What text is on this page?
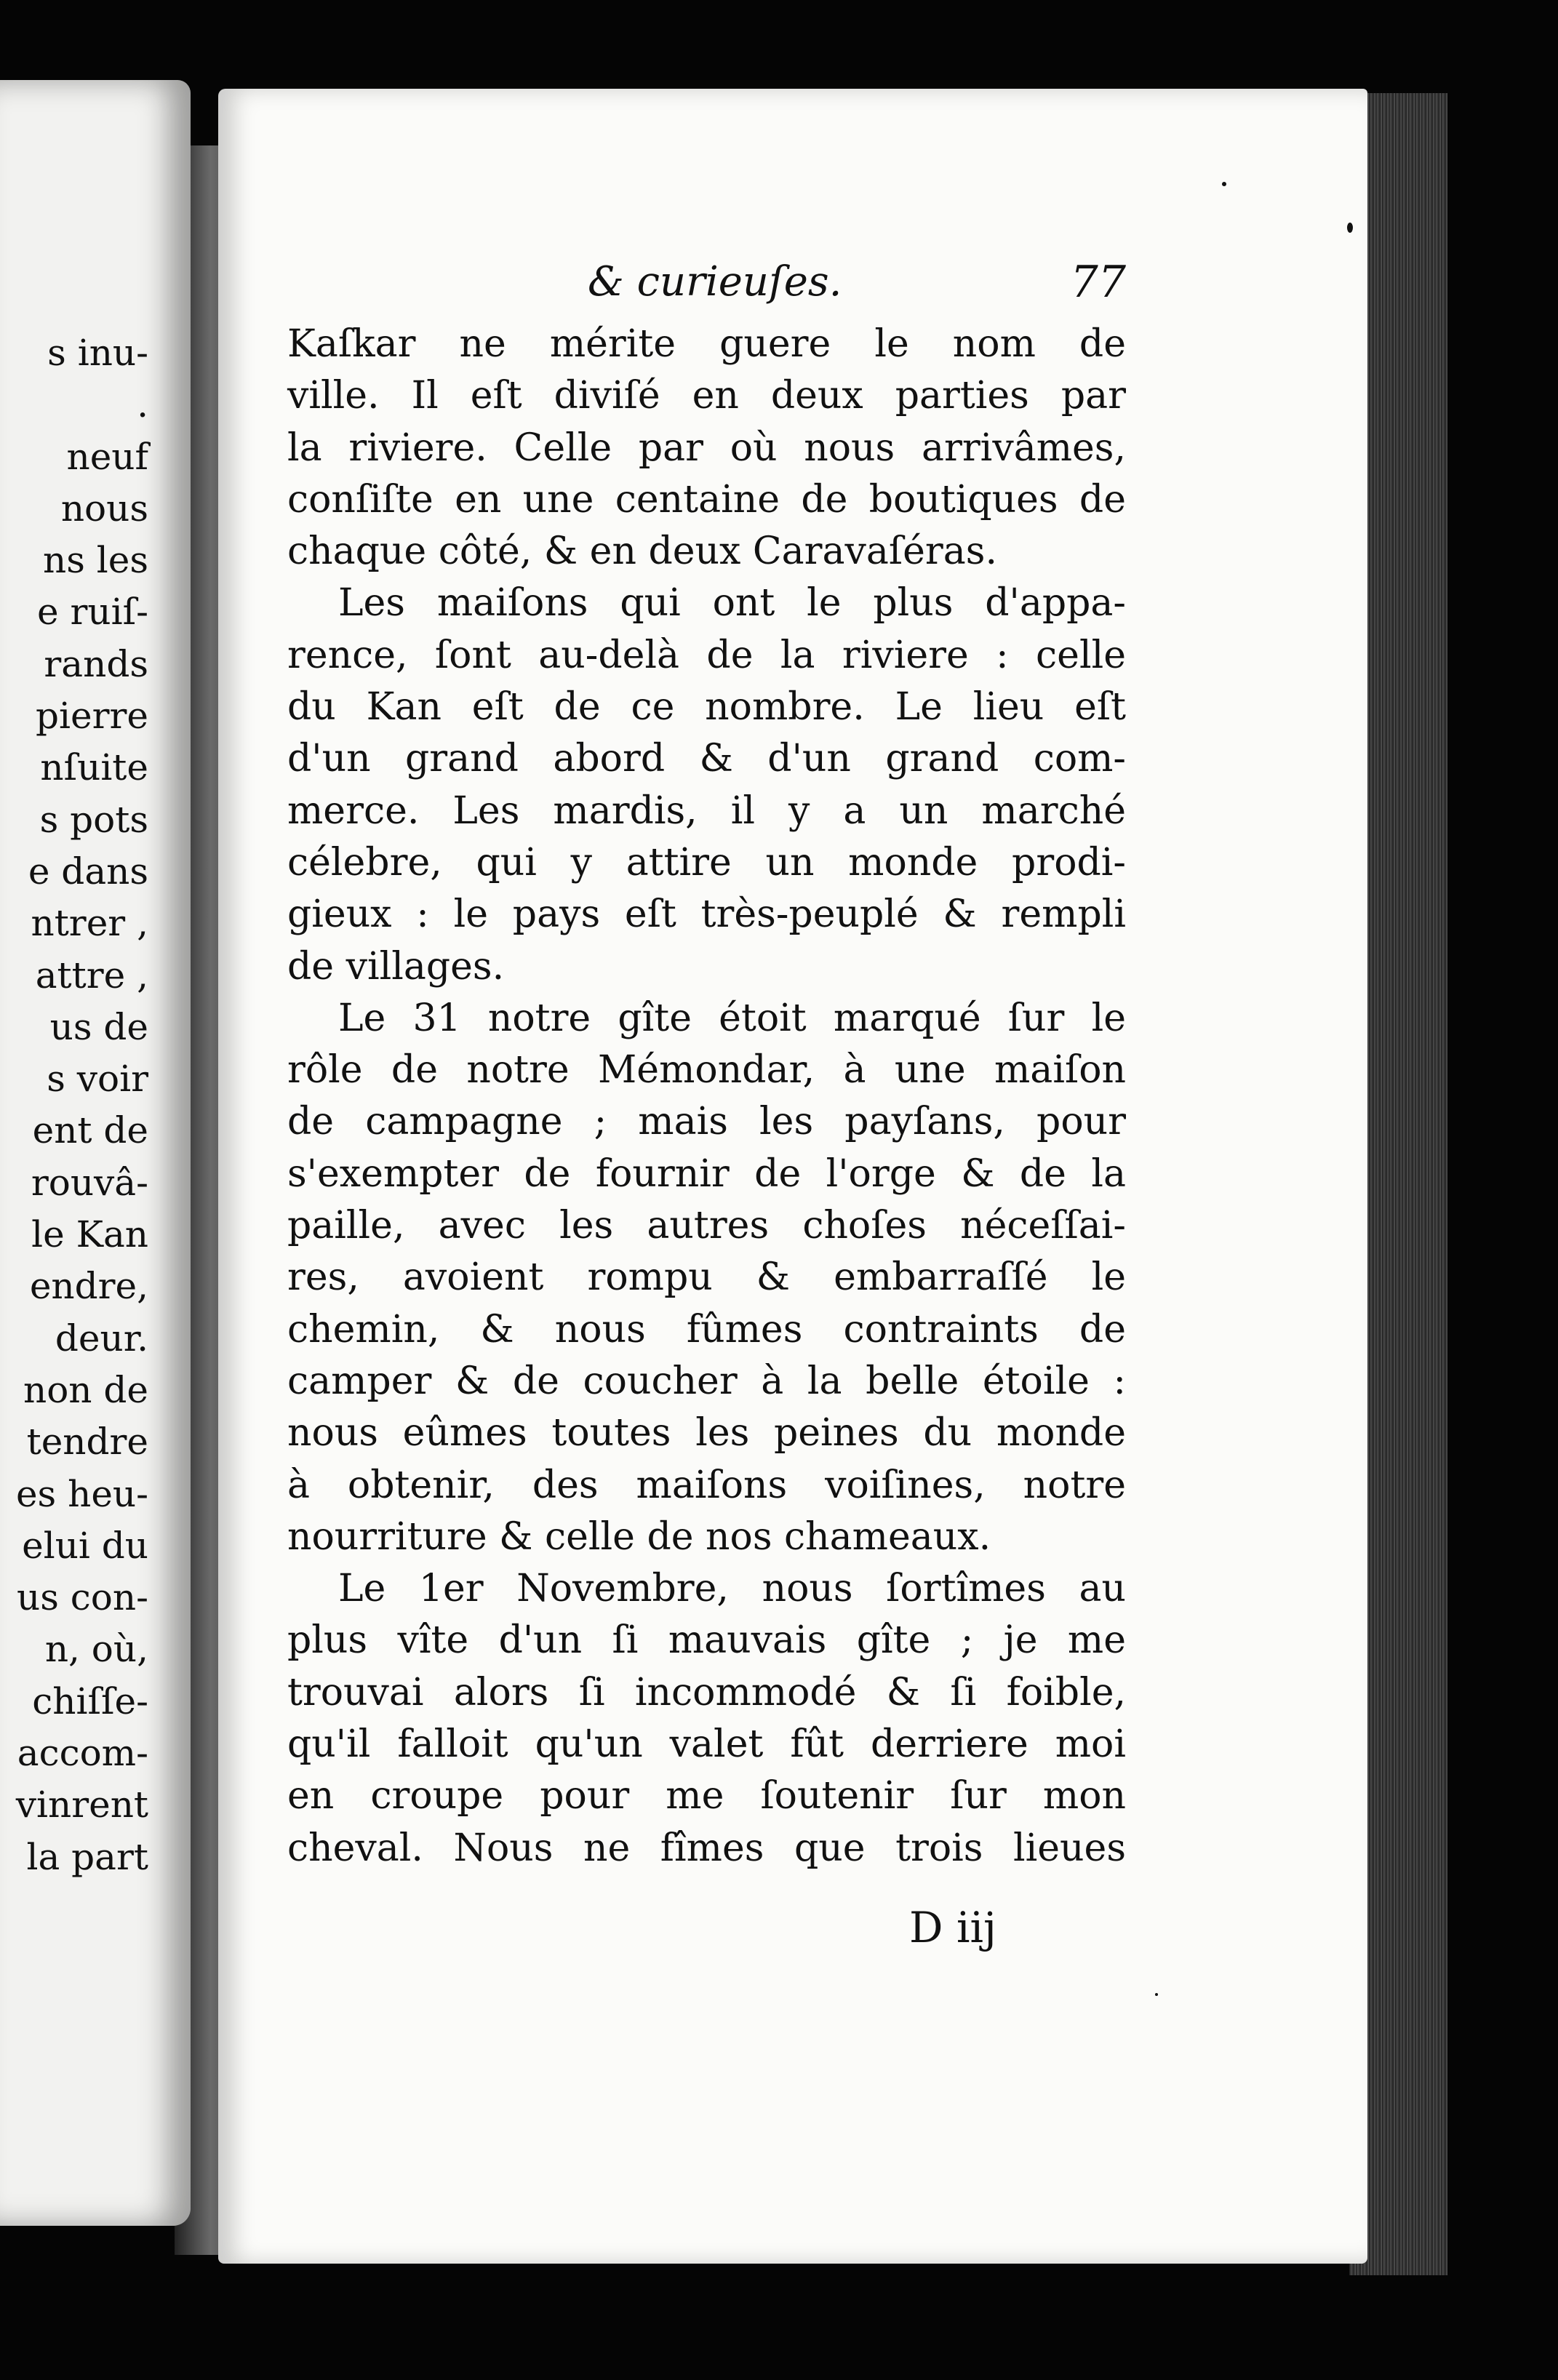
s inu-
.
neuf
nous
ns les
e ruiſ-
rands
pierre
nſuite
s pots
e dans
ntrer ,
attre ,
us de
s voir
ent de
rouvâ-
le Kan
endre,
deur.
non de
tendre
es heu-
elui du
us con-
n, où,
chiſſe-
accom-
vinrent
la part
& curieuſes.	77
Kaſkar ne mérite guere le nom de
ville. Il eſt diviſé en deux parties par
la riviere. Celle par où nous arrivâmes,
conſiſte en une centaine de boutiques de
chaque côté, & en deux Caravaſéras.
Les maiſons qui ont le plus d'appa-
rence, ſont au-delà de la riviere : celle
du Kan eſt de ce nombre. Le lieu eſt
d'un grand abord & d'un grand com-
merce. Les mardis, il y a un marché
célebre, qui y attire un monde prodi-
gieux : le pays eſt très-peuplé & rempli
de villages.
Le 31 notre gîte étoit marqué ſur le
rôle de notre Mémondar, à une maiſon
de campagne ; mais les payſans, pour
s'exempter de fournir de l'orge & de la
paille, avec les autres choſes néceſſai-
res, avoient rompu & embarraſſé le
chemin, & nous fûmes contraints de
camper & de coucher à la belle étoile :
nous eûmes toutes les peines du monde
à obtenir, des maiſons voiſines, notre
nourriture & celle de nos chameaux.
Le 1er Novembre, nous ſortîmes au
plus vîte d'un ſi mauvais gîte ; je me
trouvai alors ſi incommodé & ſi foible,
qu'il falloit qu'un valet fût derriere moi
en croupe pour me ſoutenir ſur mon
cheval. Nous ne fîmes que trois lieues
D iij
